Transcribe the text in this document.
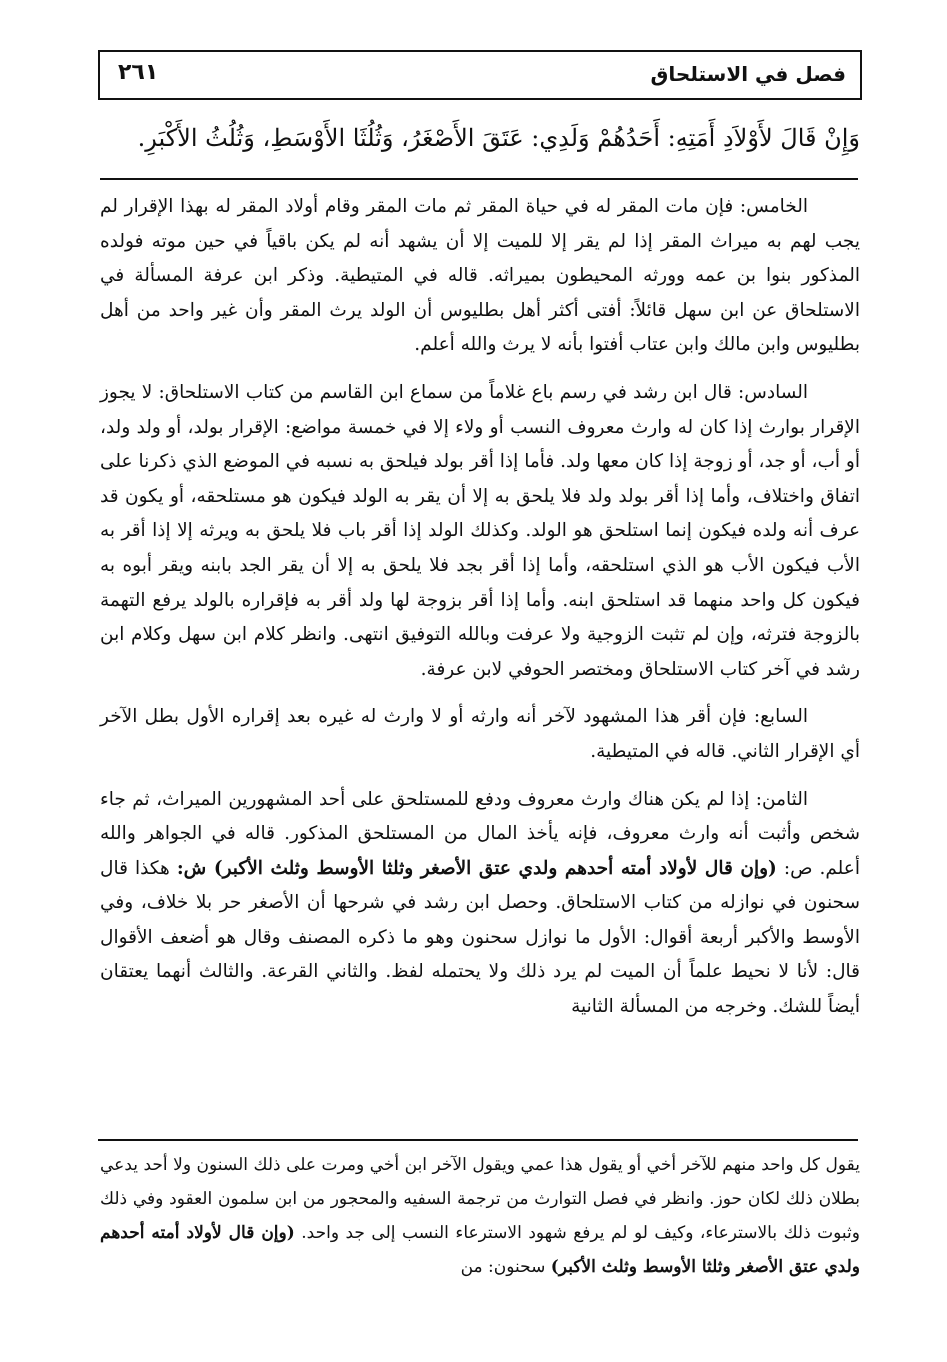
فصل في الاستلحاق
٢٦١
وَإِنْ قَالَ لأَوْلاَدِ أَمَتِهِ: أَحَدُهُمْ وَلَدِي: عَتَقَ الأَصْغَرُ، وَثُلُثَا الأَوْسَطِ، وَثُلُثُ الأَكْبَرِ.

الخامس: فإن مات المقر له في حياة المقر ثم مات المقر وقام أولاد المقر له بهذا الإقرار لم يجب لهم به ميراث المقر إذا لم يقر إلا للميت إلا أن يشهد أنه لم يكن باقياً في حين موته فولده المذكور بنوا بن عمه وورثه المحيطون بميراثه. قاله في المتيطية. وذكر ابن عرفة المسألة في الاستلحاق عن ابن سهل قائلاً: أفتى أكثر أهل بطليوس أن الولد يرث المقر وأن غير واحد من أهل بطليوس وابن مالك وابن عتاب أفتوا بأنه لا يرث والله أعلم.

السادس: قال ابن رشد في رسم باع غلاماً من سماع ابن القاسم من كتاب الاستلحاق: لا يجوز الإقرار بوارث إذا كان له وارث معروف النسب أو ولاء إلا في خمسة مواضع: الإقرار بولد، أو ولد ولد، أو أب، أو جد، أو زوجة إذا كان معها ولد. فأما إذا أقر بولد فيلحق به نسبه في الموضع الذي ذكرنا على اتفاق واختلاف، وأما إذا أقر بولد ولد فلا يلحق به إلا أن يقر به الولد فيكون هو مستلحقه، أو يكون قد عرف أنه ولده فيكون إنما استلحق هو الولد. وكذلك الولد إذا أقر باب فلا يلحق به ويرثه إلا إذا أقر به الأب فيكون الأب هو الذي استلحقه، وأما إذا أقر بجد فلا يلحق به إلا أن يقر الجد بابنه ويقر أبوه به فيكون كل واحد منهما قد استلحق ابنه. وأما إذا أقر بزوجة لها ولد أقر به فإقراره بالولد يرفع التهمة بالزوجة فترثه، وإن لم تثبت الزوجية ولا عرفت وبالله التوفيق انتهى. وانظر كلام ابن سهل وكلام ابن رشد في آخر كتاب الاستلحاق ومختصر الحوفي لابن عرفة.

السابع: فإن أقر هذا المشهود لآخر أنه وارثه أو لا وارث له غيره بعد إقراره الأول بطل الآخر أي الإقرار الثاني. قاله في المتيطية.

الثامن: إذا لم يكن هناك وارث معروف ودفع للمستلحق على أحد المشهورين الميراث، ثم جاء شخص وأثبت أنه وارث معروف، فإنه يأخذ المال من المستلحق المذكور. قاله في الجواهر والله أعلم. ص: (وإن قال لأولاد أمته أحدهم ولدي عتق الأصغر وثلثا الأوسط وثلث الأكبر) ش: هكذا قال سحنون في نوازله من كتاب الاستلحاق. وحصل ابن رشد في شرحها أن الأصغر حر بلا خلاف، وفي الأوسط والأكبر أربعة أقوال: الأول ما نوازل سحنون وهو ما ذكره المصنف وقال هو أضعف الأقوال قال: لأنا لا نحيط علماً أن الميت لم يرد ذلك ولا يحتمله لفظ. والثاني القرعة. والثالث أنهما يعتقان أيضاً للشك. وخرجه من المسألة الثانية

يقول كل واحد منهم للآخر أخي أو يقول هذا عمي ويقول الآخر ابن أخي ومرت على ذلك السنون ولا أحد يدعي بطلان ذلك لكان حوز. وانظر في فصل التوارث من ترجمة السفيه والمحجور من ابن سلمون العقود وفي ذلك وثبوت ذلك بالاسترعاء، وكيف لو لم يرفع شهود الاسترعاء النسب إلى جد واحد. (وإن قال لأولاد أمته أحدهم ولدي عتق الأصغر وثلثا الأوسط وثلث الأكبر) سحنون: من
